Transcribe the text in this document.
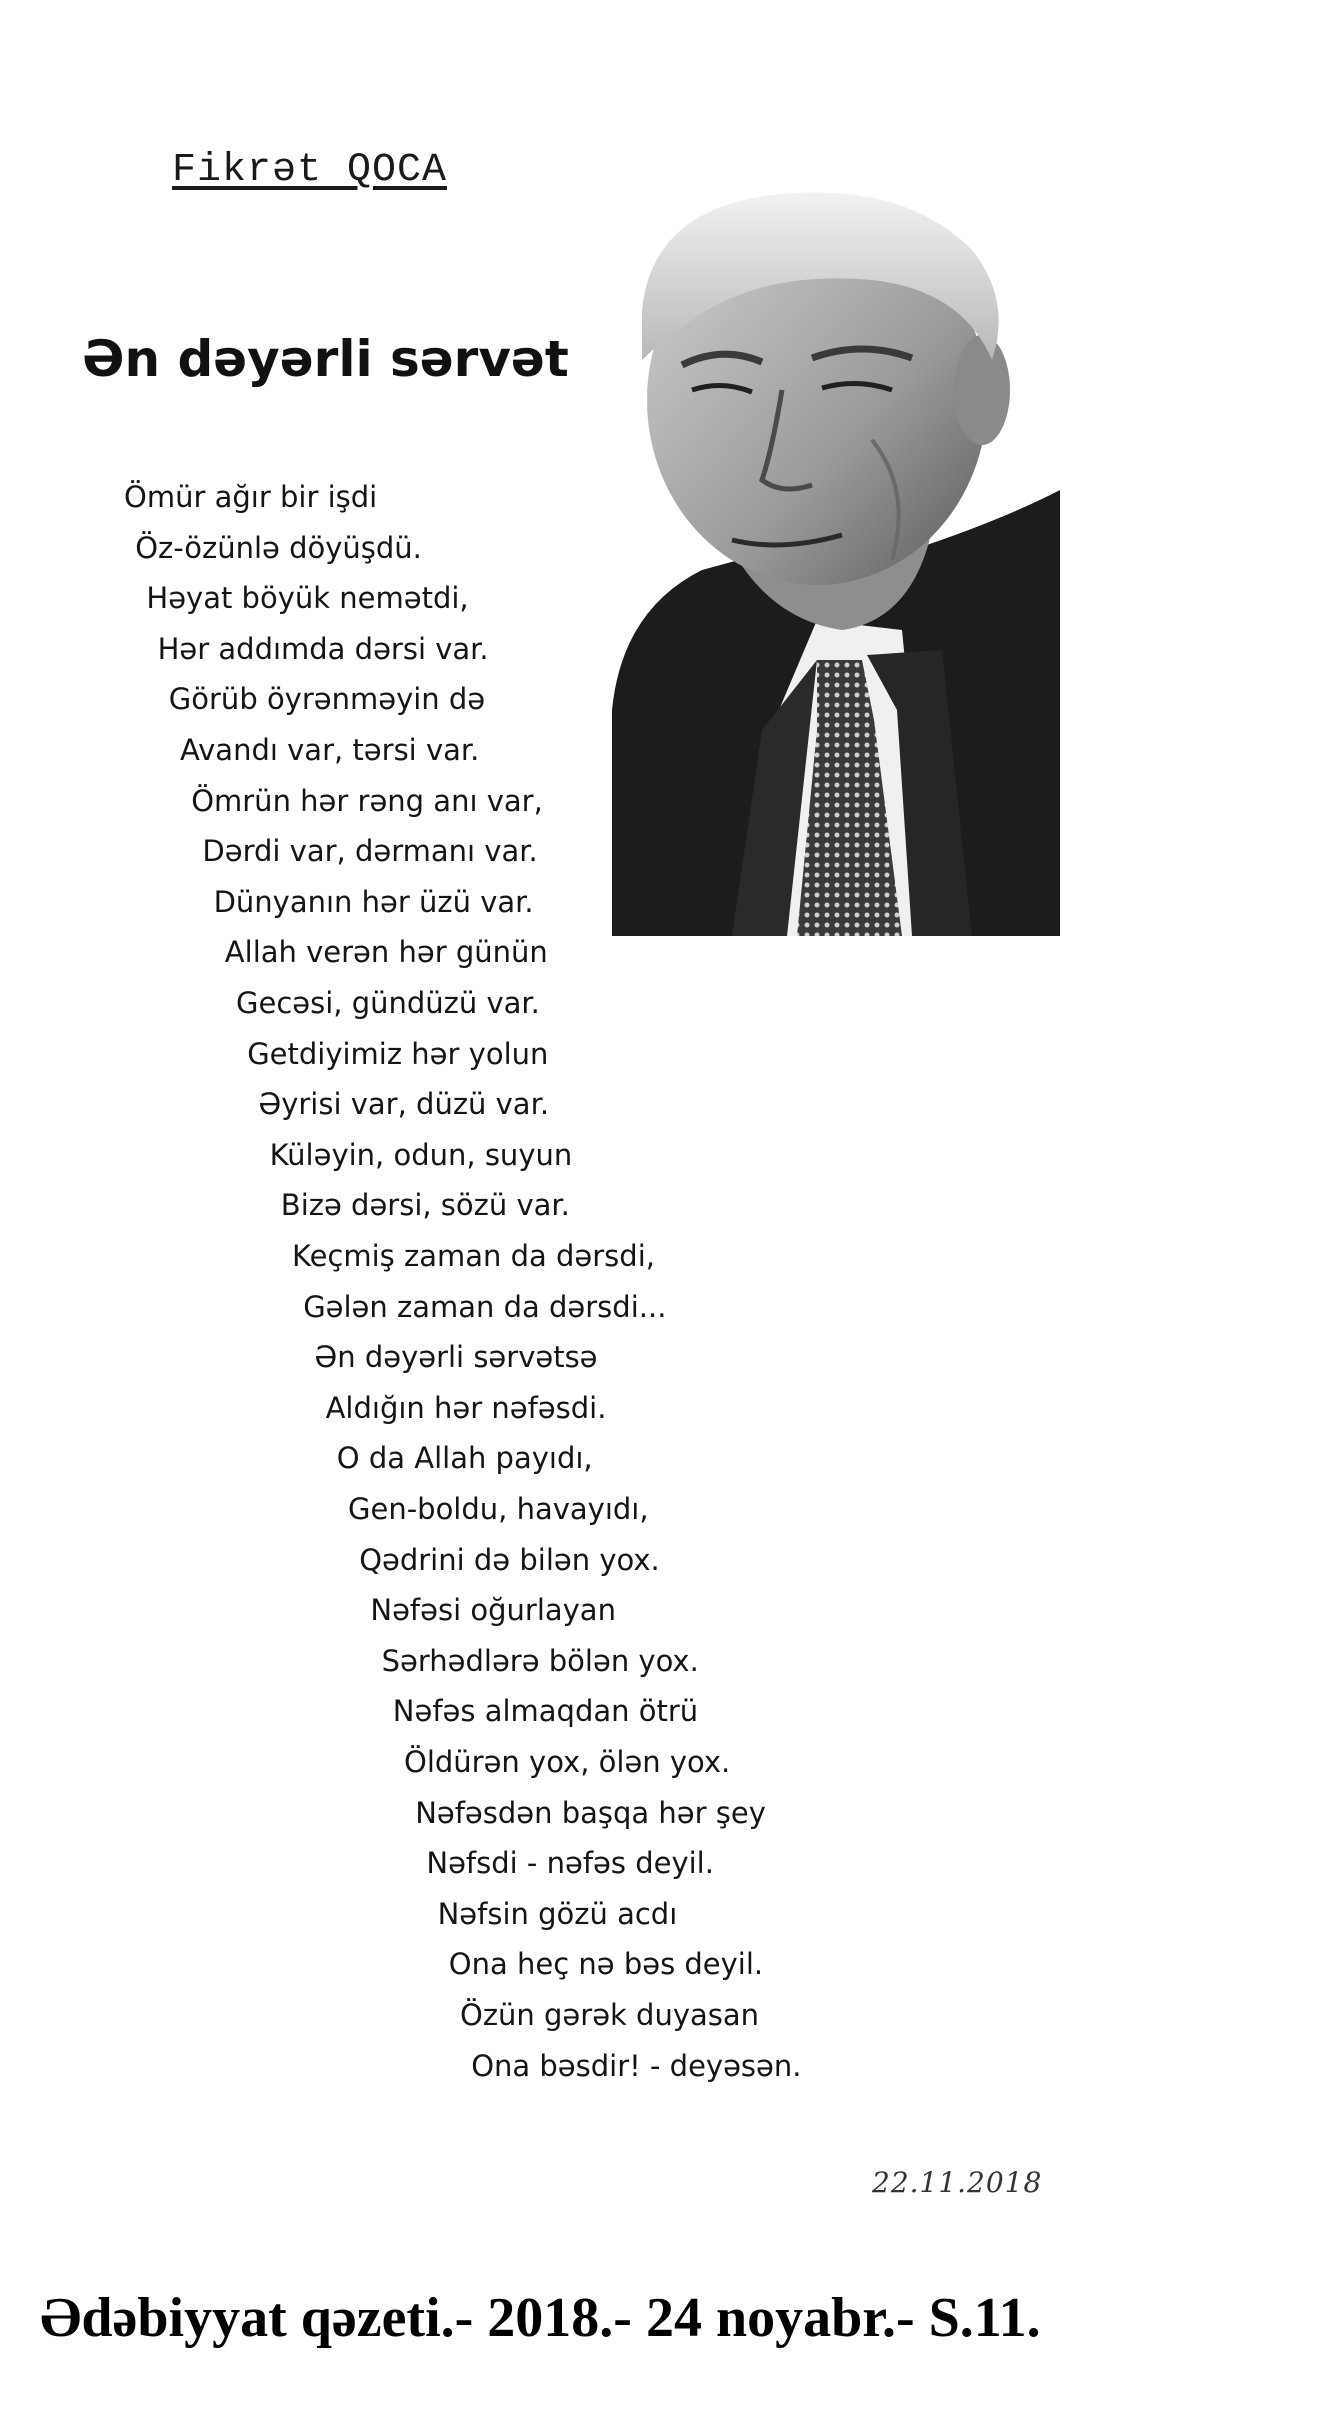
Fikrət QOCA
Ən dəyərli sərvət
Ömür ağır bir işdi
Öz-özünlə döyüşdü.
Həyat böyük nemətdi,
Hər addımda dərsi var.
Görüb öyrənməyin də
Avandı var, tərsi var.
Ömrün hər rəng anı var,
Dərdi var, dərmanı var.
Dünyanın hər üzü var.
Allah verən hər günün
Gecəsi, gündüzü var.
Getdiyimiz hər yolun
Əyrisi var, düzü var.
Küləyin, odun, suyun
Bizə dərsi, sözü var.
Keçmiş zaman da dərsdi,
Gələn zaman da dərsdi...
Ən dəyərli sərvətsə
Aldığın hər nəfəsdi.
O da Allah payıdı,
Gen-boldu, havayıdı,
Qədrini də bilən yox.
Nəfəsi oğurlayan
Sərhədlərə bölən yox.
Nəfəs almaqdan ötrü
Öldürən yox, ölən yox.
Nəfəsdən başqa hər şey
Nəfsdi - nəfəs deyil.
Nəfsin gözü acdı
Ona heç nə bəs deyil.
Özün gərək duyasan
Ona bəsdir! - deyəsən.
22.11.2018
Ədəbiyyat qəzeti.- 2018.- 24 noyabr.- S.11.
